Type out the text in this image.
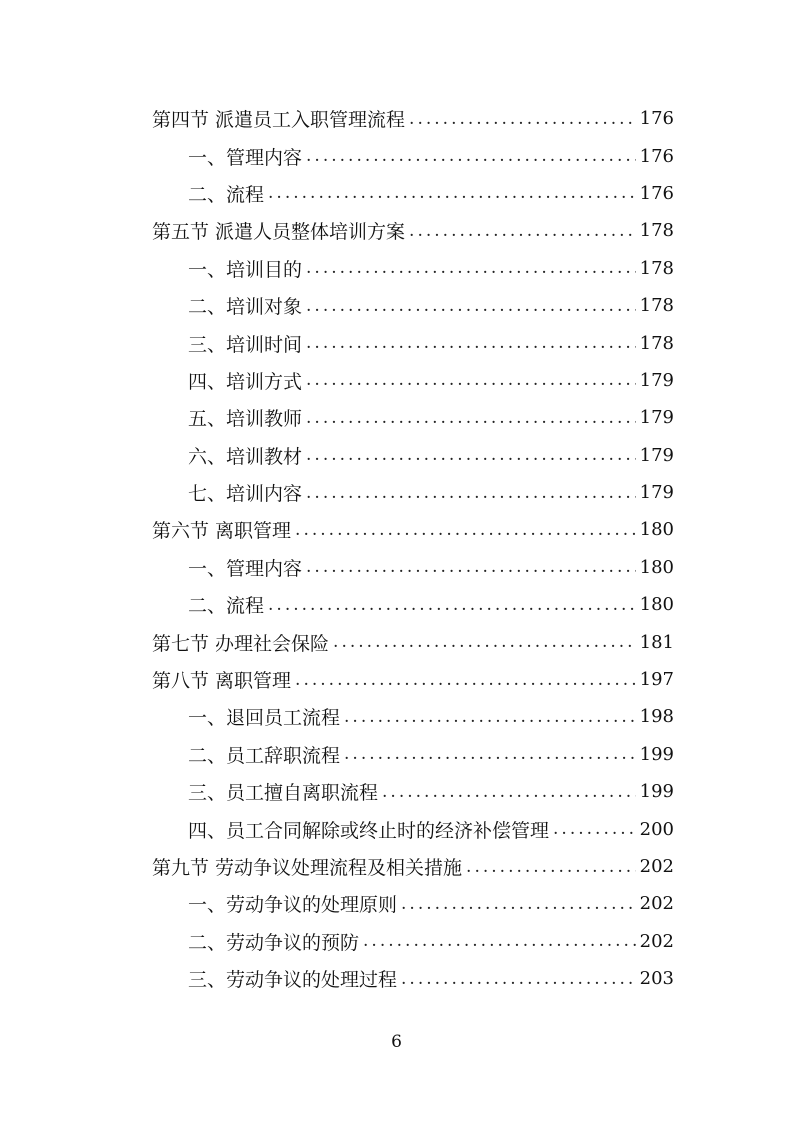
第四节 派遣员工入职管理流程 .....	176
一、管理内容 .....	176
二、流程 .....	176
第五节 派遣人员整体培训方案 .....	178
一、培训目的 .....	178
二、培训对象 .....	178
三、培训时间 .....	178
四、培训方式 .....	179
五、培训教师 .....	179
六、培训教材 .....	179
七、培训内容 .....	179
第六节 离职管理 .....	180
一、管理内容 .....	180
二、流程 .....	180
第七节 办理社会保险 .....	181
第八节 离职管理 .....	197
一、退回员工流程 .....	198
二、员工辞职流程 .....	199
三、员工擅自离职流程 .....	199
四、员工合同解除或终止时的经济补偿管理 .....	200
第九节 劳动争议处理流程及相关措施 .....	202
一、劳动争议的处理原则 .....	202
二、劳动争议的预防 .....	202
三、劳动争议的处理过程 .....	203
6
